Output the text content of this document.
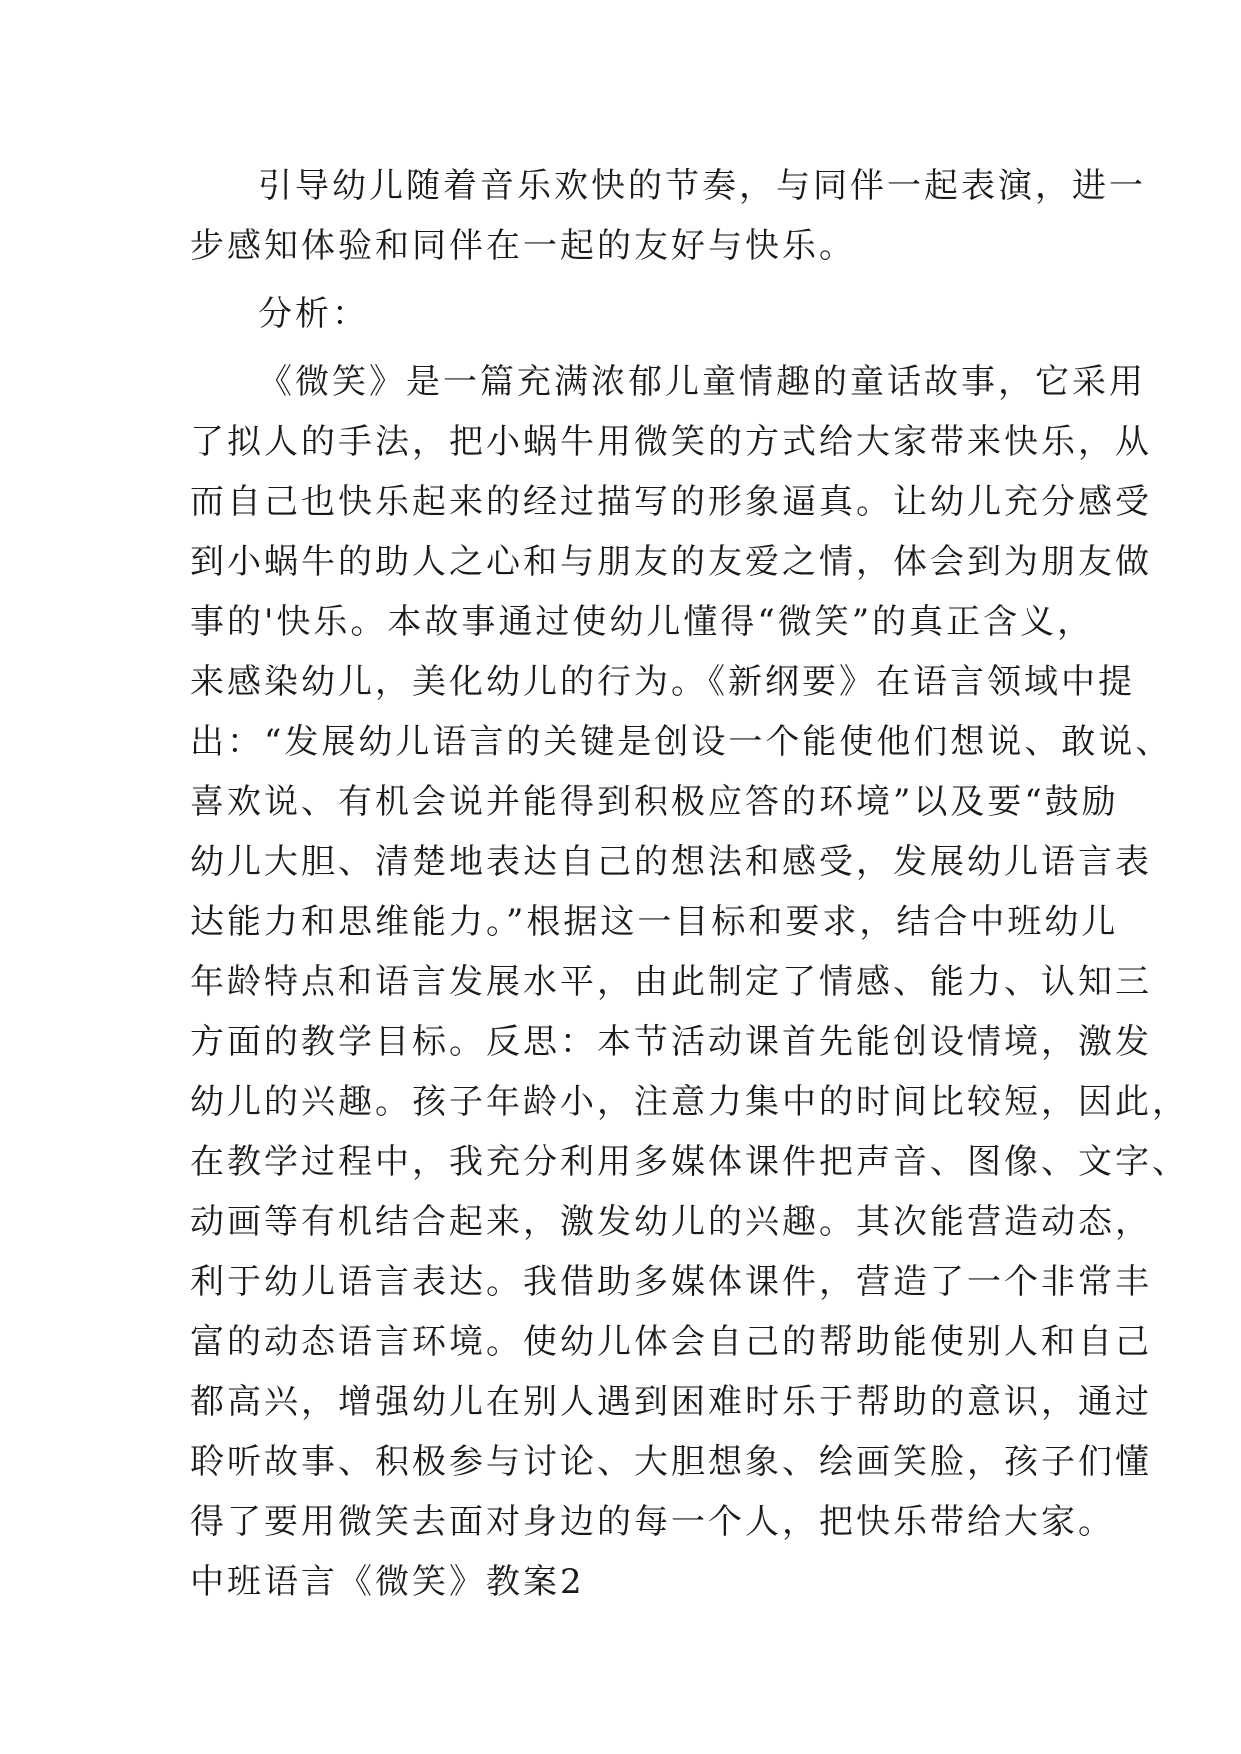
引导幼儿随着音乐欢快的节奏，与同伴一起表演，进一
步感知体验和同伴在一起的友好与快乐。

分析：

《微笑》是一篇充满浓郁儿童情趣的童话故事，它采用
了拟人的手法，把小蜗牛用微笑的方式给大家带来快乐，从
而自己也快乐起来的经过描写的形象逼真。让幼儿充分感受
到小蜗牛的助人之心和与朋友的友爱之情，体会到为朋友做
事的'快乐。本故事通过使幼儿懂得“微笑”的真正含义，
来感染幼儿，美化幼儿的行为。《新纲要》在语言领域中提
出：“发展幼儿语言的关键是创设一个能使他们想说、敢说、
喜欢说、有机会说并能得到积极应答的环境”以及要“鼓励
幼儿大胆、清楚地表达自己的想法和感受，发展幼儿语言表
达能力和思维能力。”根据这一目标和要求，结合中班幼儿
年龄特点和语言发展水平，由此制定了情感、能力、认知三
方面的教学目标。反思：本节活动课首先能创设情境，激发
幼儿的兴趣。孩子年龄小，注意力集中的时间比较短，因此，
在教学过程中，我充分利用多媒体课件把声音、图像、文字、
动画等有机结合起来，激发幼儿的兴趣。其次能营造动态，
利于幼儿语言表达。我借助多媒体课件，营造了一个非常丰
富的动态语言环境。使幼儿体会自己的帮助能使别人和自己
都高兴，增强幼儿在别人遇到困难时乐于帮助的意识，通过
聆听故事、积极参与讨论、大胆想象、绘画笑脸，孩子们懂
得了要用微笑去面对身边的每一个人，把快乐带给大家。

中班语言《微笑》教案2
